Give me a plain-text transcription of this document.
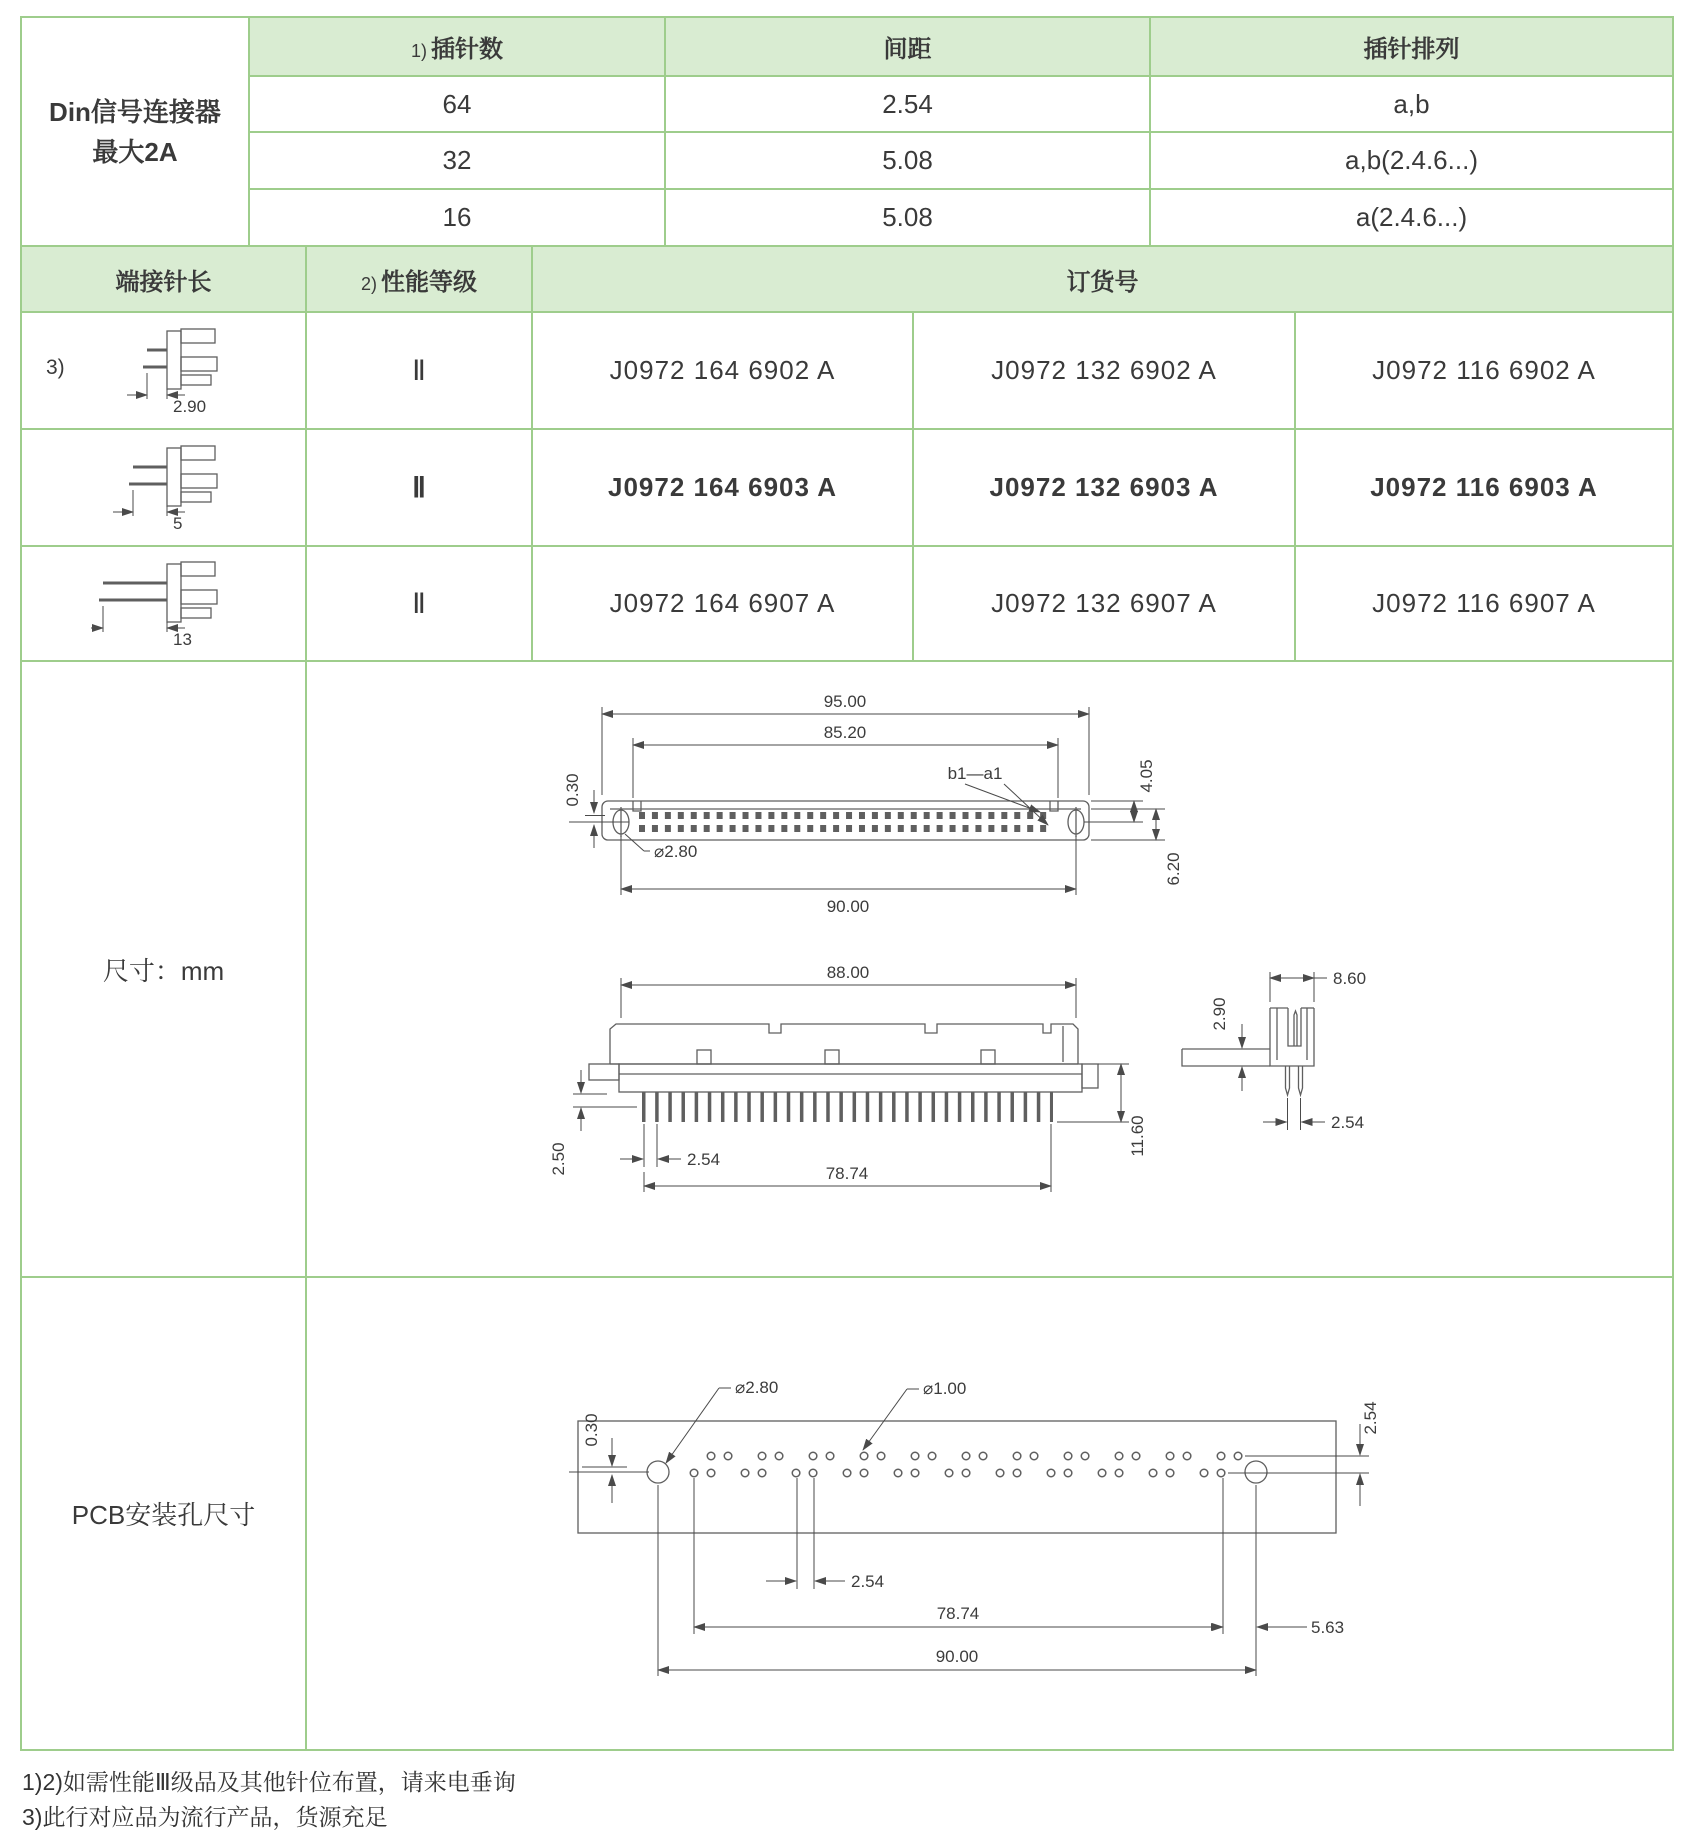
Din信号连接器
最大2A	1) 插针数	间距	插针排列
	64	2.54	a,b
	32	5.08	a,b(2.4.6...)
	16	5.08	a(2.4.6...)
端接针长	2) 性能等级	订货号		

3)
2.90	Ⅱ	J0972 164 6902 A	J0972 132 6902 A	J0972 116 6902 A

5	Ⅱ	J0972 164 6903 A	J0972 132 6903 A	J0972 116 6903 A

13	Ⅱ	J0972 164 6907 A	J0972 132 6907 A	J0972 116 6907 A
尺寸：mm	
95.00
85.20
0.30	b1—a1	4.05
6.20
⌀2.80
90.00
88.00
2.50	2.54
78.74
11.60
8.60
2.90
2.54

PCB安装孔尺寸	
⌀2.80	⌀1.00
0.30	2.54
2.54
78.74
5.63
90.00
1)2)如需性能Ⅲ级品及其他针位布置，请来电垂询
3)此行对应品为流行产品，货源充足
